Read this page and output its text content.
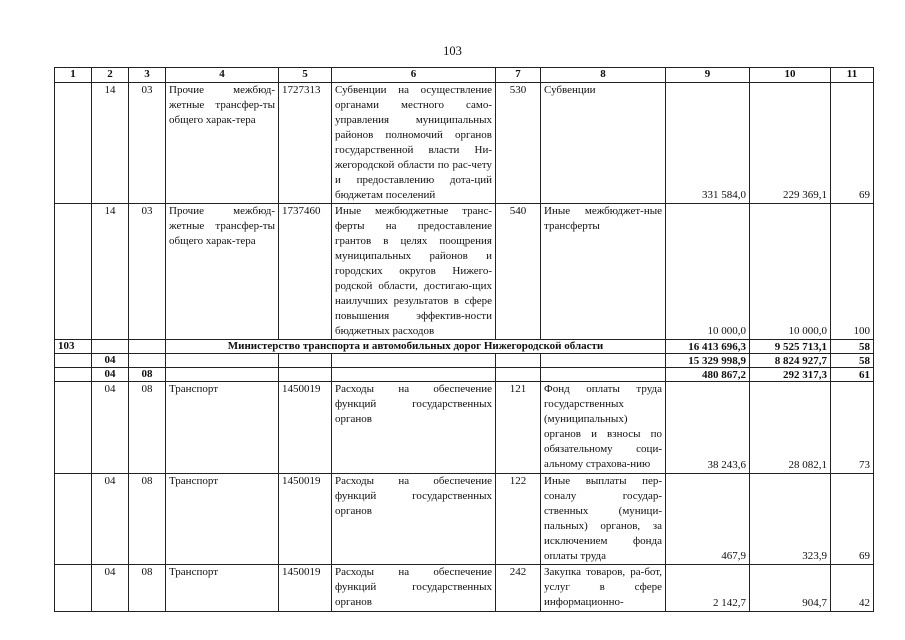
103
1	2	3	4	5	6	7	8	9	10	11
	14	03	Прочие межбюд-жетные трансфер-ты общего харак-тера	1727313	Субвенции на осуществление органами местного само-управления муниципальных районов полномочий органов государственной власти Ни-жегородской области по рас-чету и предоставлению дота-ций бюджетам поселений	530	Субвенции	331 584,0	229 369,1	69
	14	03	Прочие межбюд-жетные трансфер-ты общего харак-тера	1737460	Иные межбюджетные транс-ферты на предоставление грантов в целях поощрения муниципальных районов и городских округов Нижего-родской области, достигаю-щих наилучших результатов в сфере повышения эффектив-ности бюджетных расходов	540	Иные межбюджет-ные трансферты	10 000,0	10 000,0	100
103			Министерство транспорта и автомобильных дорог Нижегородской области					16 413 696,3	9 525 713,1	58
	04							15 329 998,9	8 824 927,7	58
	04	08						480 867,2	292 317,3	61
	04	08	Транспорт	1450019	Расходы на обеспечение функций государственных органов	121	Фонд оплаты труда государственных (муниципальных) органов и взносы по обязательному соци-альному страхова-нию	38 243,6	28 082,1	73
	04	08	Транспорт	1450019	Расходы на обеспечение функций государственных органов	122	Иные выплаты пер-соналу государ-ственных (муници-пальных) органов, за исключением фонда оплаты труда	467,9	323,9	69
	04	08	Транспорт	1450019	Расходы на обеспечение функций государственных органов	242	Закупка товаров, ра-бот, услуг в сфере информационно-	2 142,7	904,7	42
